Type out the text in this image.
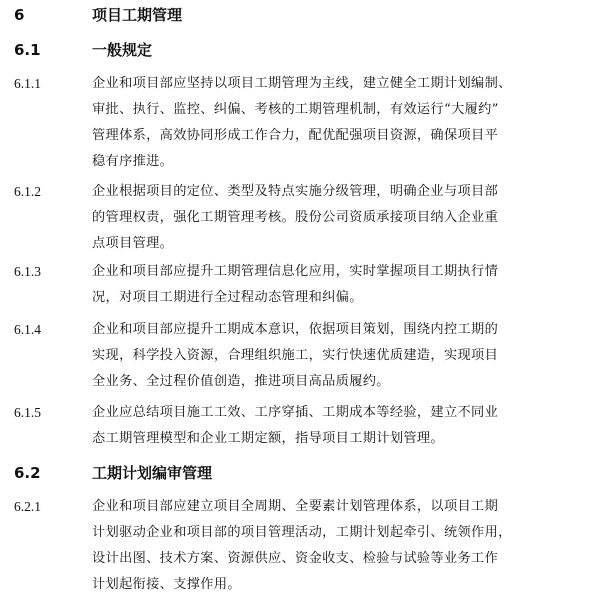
6	项目工期管理
6.1	一般规定
6.1.1	企业和项目部应坚持以项目工期管理为主线，建立健全工期计划编制、
审批、执行、监控、纠偏、考核的工期管理机制，有效运行“大履约”
管理体系，高效协同形成工作合力，配优配强项目资源，确保项目平
稳有序推进。
6.1.2	企业根据项目的定位、类型及特点实施分级管理，明确企业与项目部
的管理权责，强化工期管理考核。股份公司资质承接项目纳入企业重
点项目管理。
6.1.3	企业和项目部应提升工期管理信息化应用，实时掌握项目工期执行情
况，对项目工期进行全过程动态管理和纠偏。
6.1.4	企业和项目部应提升工期成本意识，依据项目策划，围绕内控工期的
实现，科学投入资源，合理组织施工，实行快速优质建造，实现项目
全业务、全过程价值创造，推进项目高品质履约。
6.1.5	企业应总结项目施工工效、工序穿插、工期成本等经验，建立不同业
态工期管理模型和企业工期定额，指导项目工期计划管理。
6.2	工期计划编审管理
6.2.1	企业和项目部应建立项目全周期、全要素计划管理体系，以项目工期
计划驱动企业和项目部的项目管理活动，工期计划起牵引、统领作用，
设计出图、技术方案、资源供应、资金收支、检验与试验等业务工作
计划起衔接、支撑作用。
